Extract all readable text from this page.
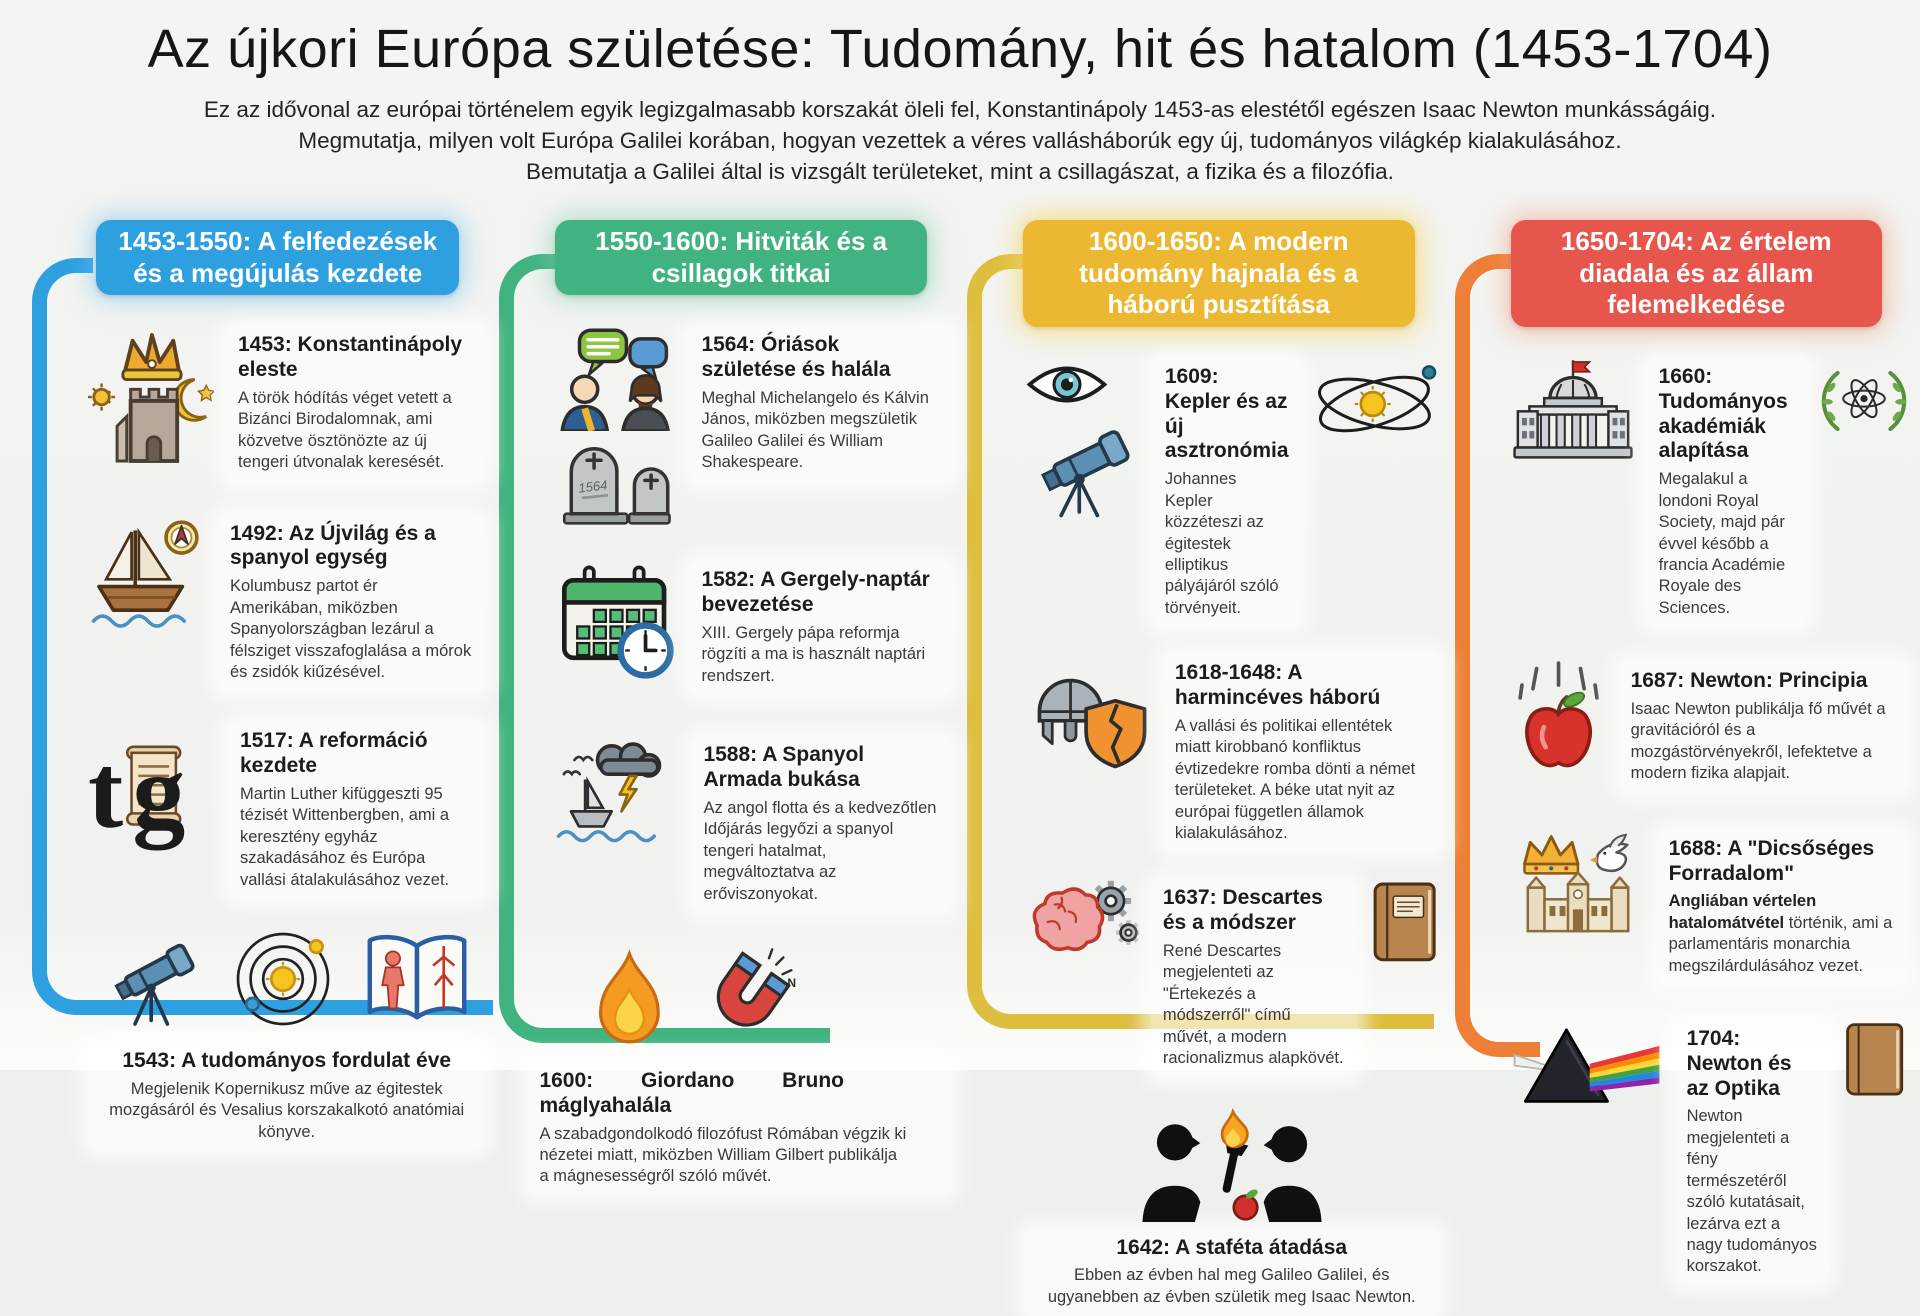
Az újkori Európa születése: Tudomány, hit és hatalom (1453-1704)
Ez az idővonal az európai történelem egyik legizgalmasabb korszakát öleli fel, Konstantinápoly 1453-as elestétől egészen Isaac Newton munkásságáig.
Megmutatja, milyen volt Európa Galilei korában, hogyan vezettek a véres vallásháborúk egy új, tudományos világkép kialakulásához.
Bemutatja a Galilei által is vizsgált területeket, mint a csillagászat, a fizika és a filozófia.
1453-1550: A felfedezések és a megújulás kezdete
1453: Konstantinápoly eleste
A török hódítás véget vetett a Bizánci Birodalomnak, ami közvetve ösztönözte az új tengeri útvonalak keresését.
1492: Az Újvilág és a spanyol egység
Kolumbusz partot ér Amerikában, miközben Spanyolországban lezárul a félsziget visszafoglalása a mórok és zsidók kiűzésével.
t g	1517: A reformáció kezdete
Martin Luther kifüggeszti 95 tézisét Wittenbergben, ami a keresztény egyház szakadásához és Európa vallási átalakulásához vezet.
1543: A tudományos fordulat éve
Megjelenik Kopernikusz műve az égitestek mozgásáról és Vesalius korszakalkotó anatómiai könyve.
1550-1600: Hitviták és a csillagok titkai
1564
1564: Óriások születése és halála
Meghal Michelangelo és Kálvin János, miközben megszületik Galileo Galilei és William Shakespeare.
1582: A Gergely-naptár bevezetése
XIII. Gergely pápa reformja rögzíti a ma is használt naptári rendszert.
1588: A Spanyol Armada bukása
Az angol flotta és a kedvezőtlen Időjárás legyőzi a spanyol tengeri hatalmat, megváltoztatva az erőviszonyokat.
N
1600: Giordano Bruno máglyahalála
A szabadgondolkodó filozófust Rómában végzik ki nézetei miatt, miközben William Gilbert publikálja a mágnesességről szóló művét.
1600-1650: A modern tudomány hajnala és a háború pusztítása
1609: Kepler és az új asztronómia
Johannes Kepler közzéteszi az égitestek elliptikus pályájáról szóló törvényeit.
1618-1648: A harmincéves háború
A vallási és politikai ellentétek miatt kirobbanó konfliktus évtizedekre romba dönti a német területeket. A béke utat nyit az európai független államok kialakulásához.
1637: Descartes és a módszer
René Descartes megjelenteti az "Értekezés a módszerről" című művét, a modern racionalizmus alapkövét.
1642: A staféta átadása
Ebben az évben hal meg Galileo Galilei, és ugyanebben az évben születik meg Isaac Newton.
1650-1704: Az értelem diadala és az állam felemelkedése
1660: Tudományos akadémiák alapítása
Megalakul a londoni Royal Society, majd pár évvel később a francia Académie Royale des Sciences.
1687: Newton: Principia
Isaac Newton publikálja fő művét a gravitációról és a mozgástörvényekről, lefektetve a modern fizika alapjait.
1688: A "Dicsőséges Forradalom"
Angliában vértelen hatalomátvétel történik, ami a parlamentáris monarchia megszilárdulásához vezet.
1704: Newton és az Optika
Newton megjelenteti a fény természetéről szóló kutatásait, lezárva ezt a nagy tudományos korszakot.
